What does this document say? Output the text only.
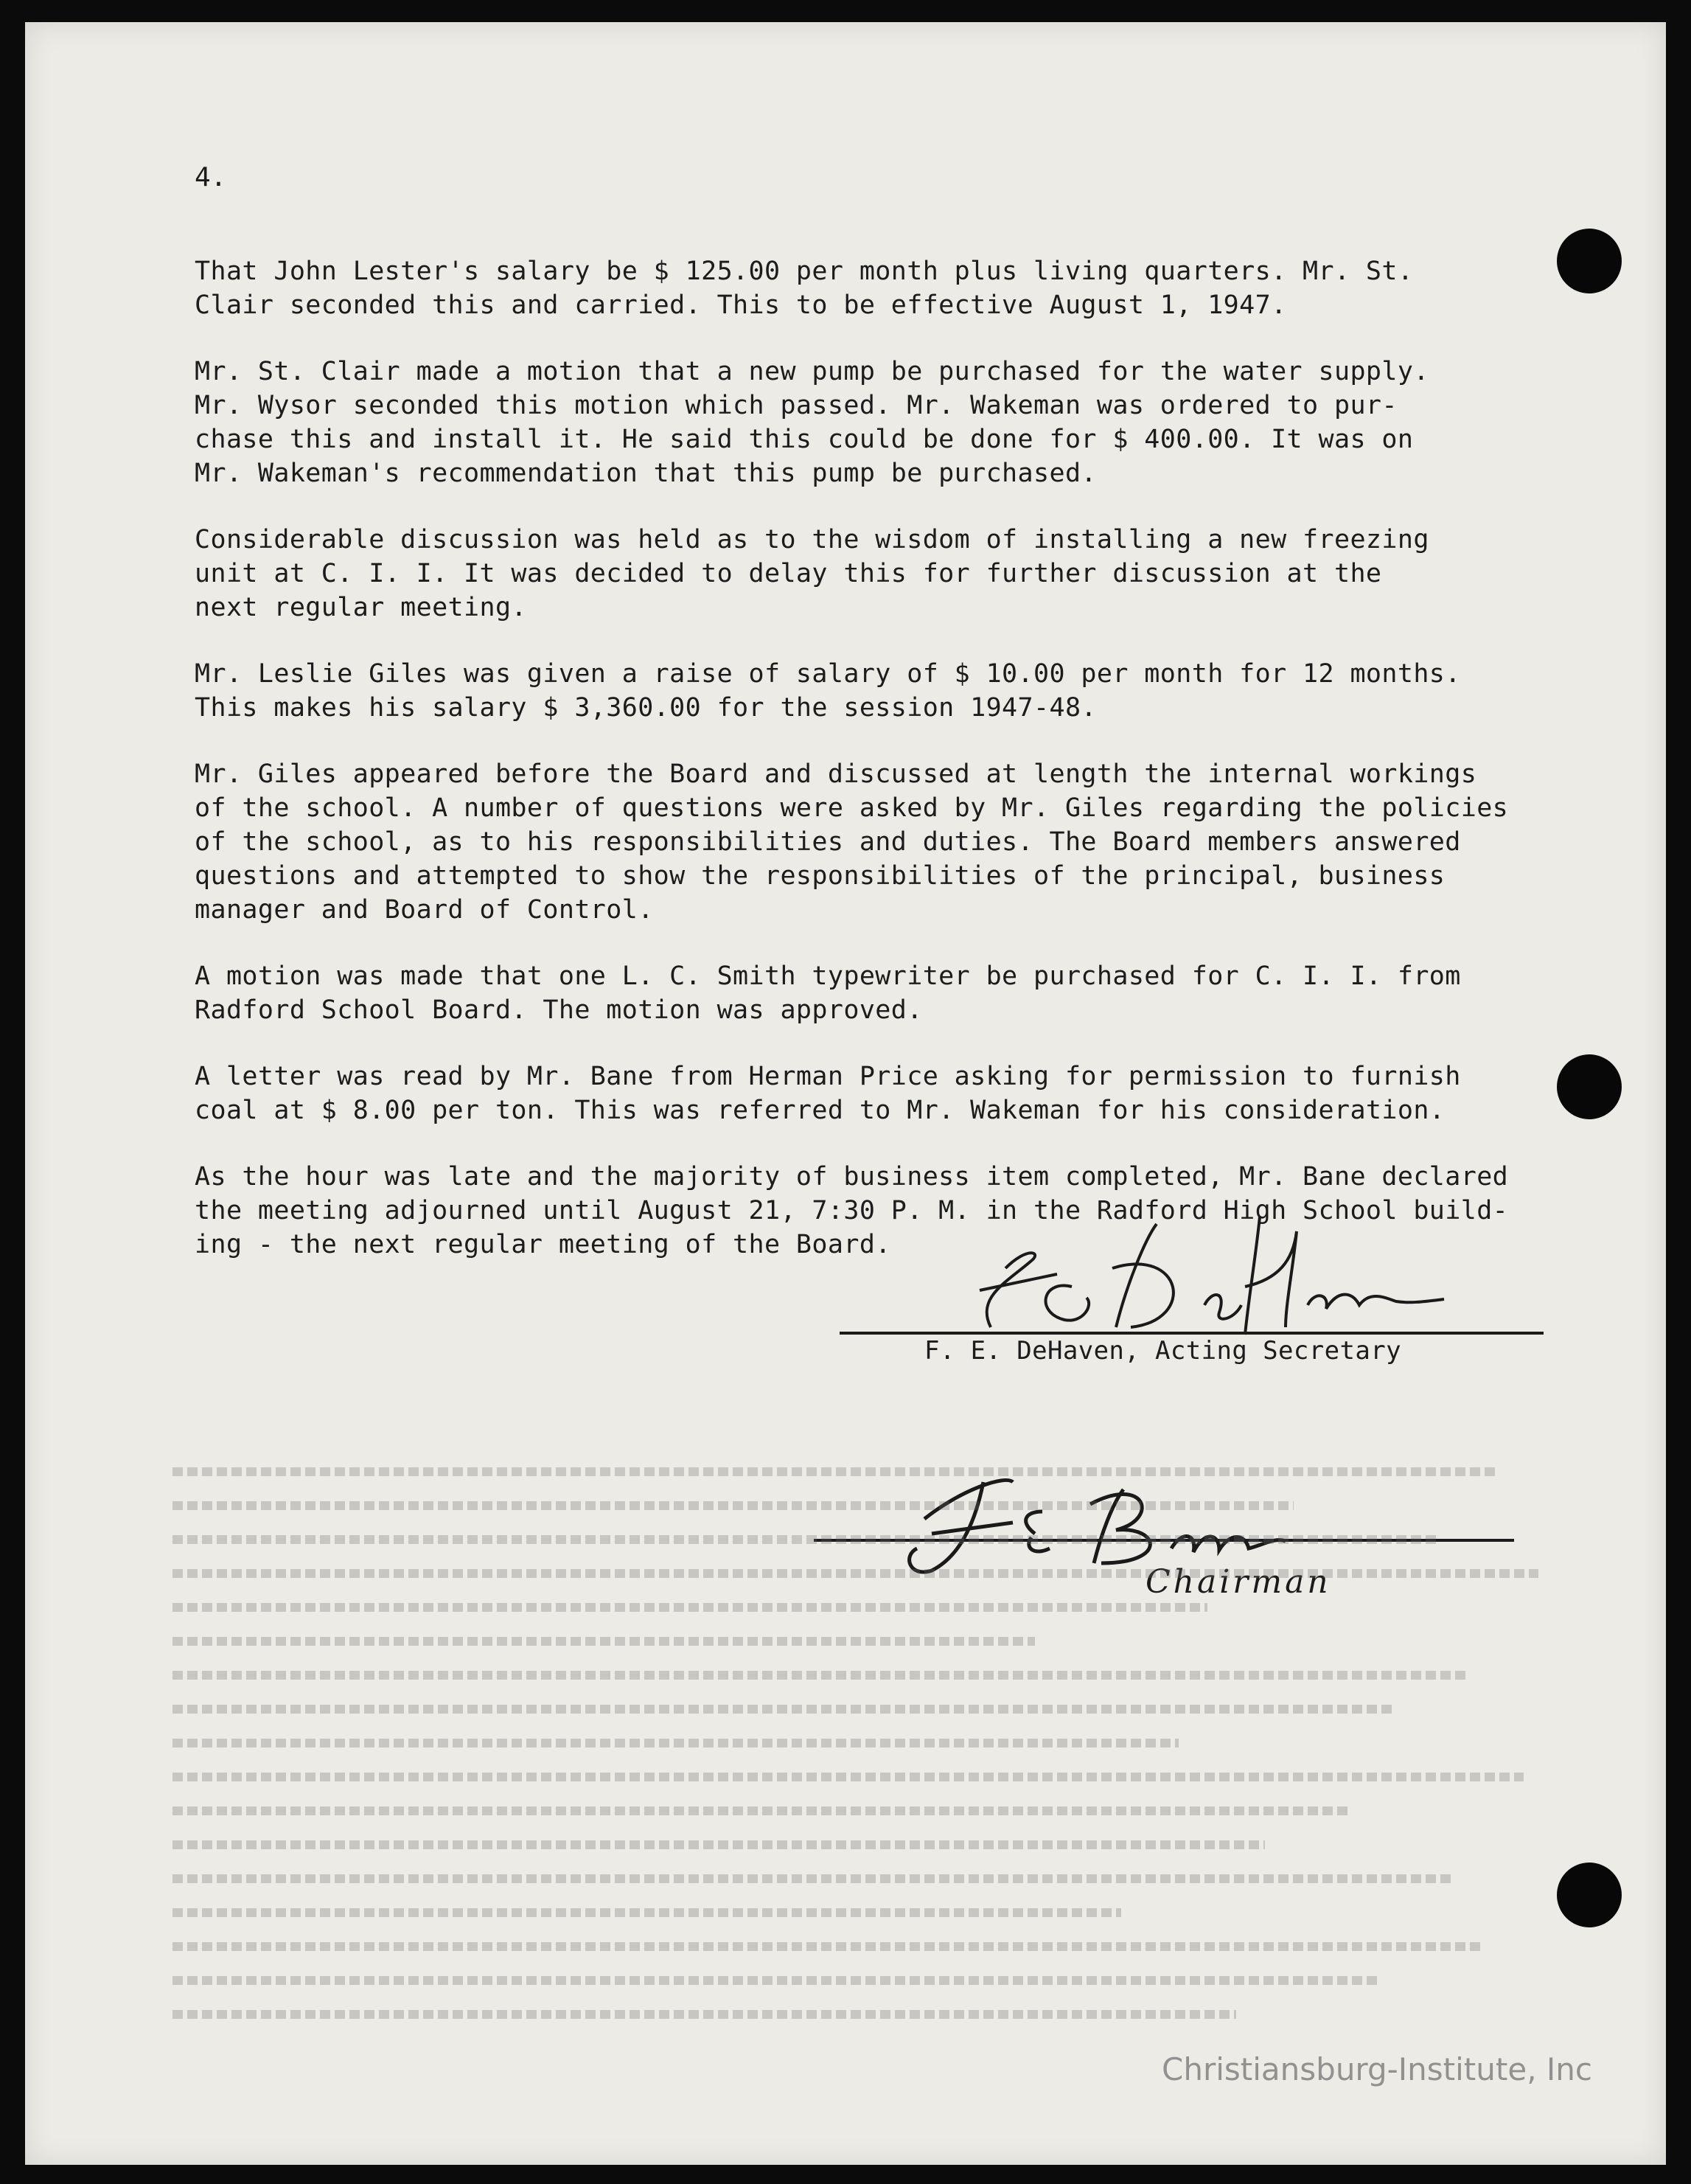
4.

That John Lester's salary be $ 125.00 per month plus living quarters. Mr. St.
Clair seconded this and carried. This to be effective August 1, 1947.

Mr. St. Clair made a motion that a new pump be purchased for the water supply.
Mr. Wysor seconded this motion which passed. Mr. Wakeman was ordered to pur-
chase this and install it. He said this could be done for $ 400.00. It was on
Mr. Wakeman's recommendation that this pump be purchased.

Considerable discussion was held as to the wisdom of installing a new freezing
unit at C. I. I. It was decided to delay this for further discussion at the
next regular meeting.

Mr. Leslie Giles was given a raise of salary of $ 10.00 per month for 12 months.
This makes his salary $ 3,360.00 for the session 1947-48.

Mr. Giles appeared before the Board and discussed at length the internal workings
of the school. A number of questions were asked by Mr. Giles regarding the policies
of the school, as to his responsibilities and duties. The Board members answered
questions and attempted to show the responsibilities of the principal, business
manager and Board of Control.

A motion was made that one L. C. Smith typewriter be purchased for C. I. I. from
Radford School Board. The motion was approved.

A letter was read by Mr. Bane from Herman Price asking for permission to furnish
coal at $ 8.00 per ton. This was referred to Mr. Wakeman for his consideration.

As the hour was late and the majority of business item completed, Mr. Bane declared
the meeting adjourned until August 21, 7:30 P. M. in the Radford High School build-
ing - the next regular meeting of the Board.

F. E. DeHaven, Acting Secretary
Chairman
Christiansburg-Institute, Inc
